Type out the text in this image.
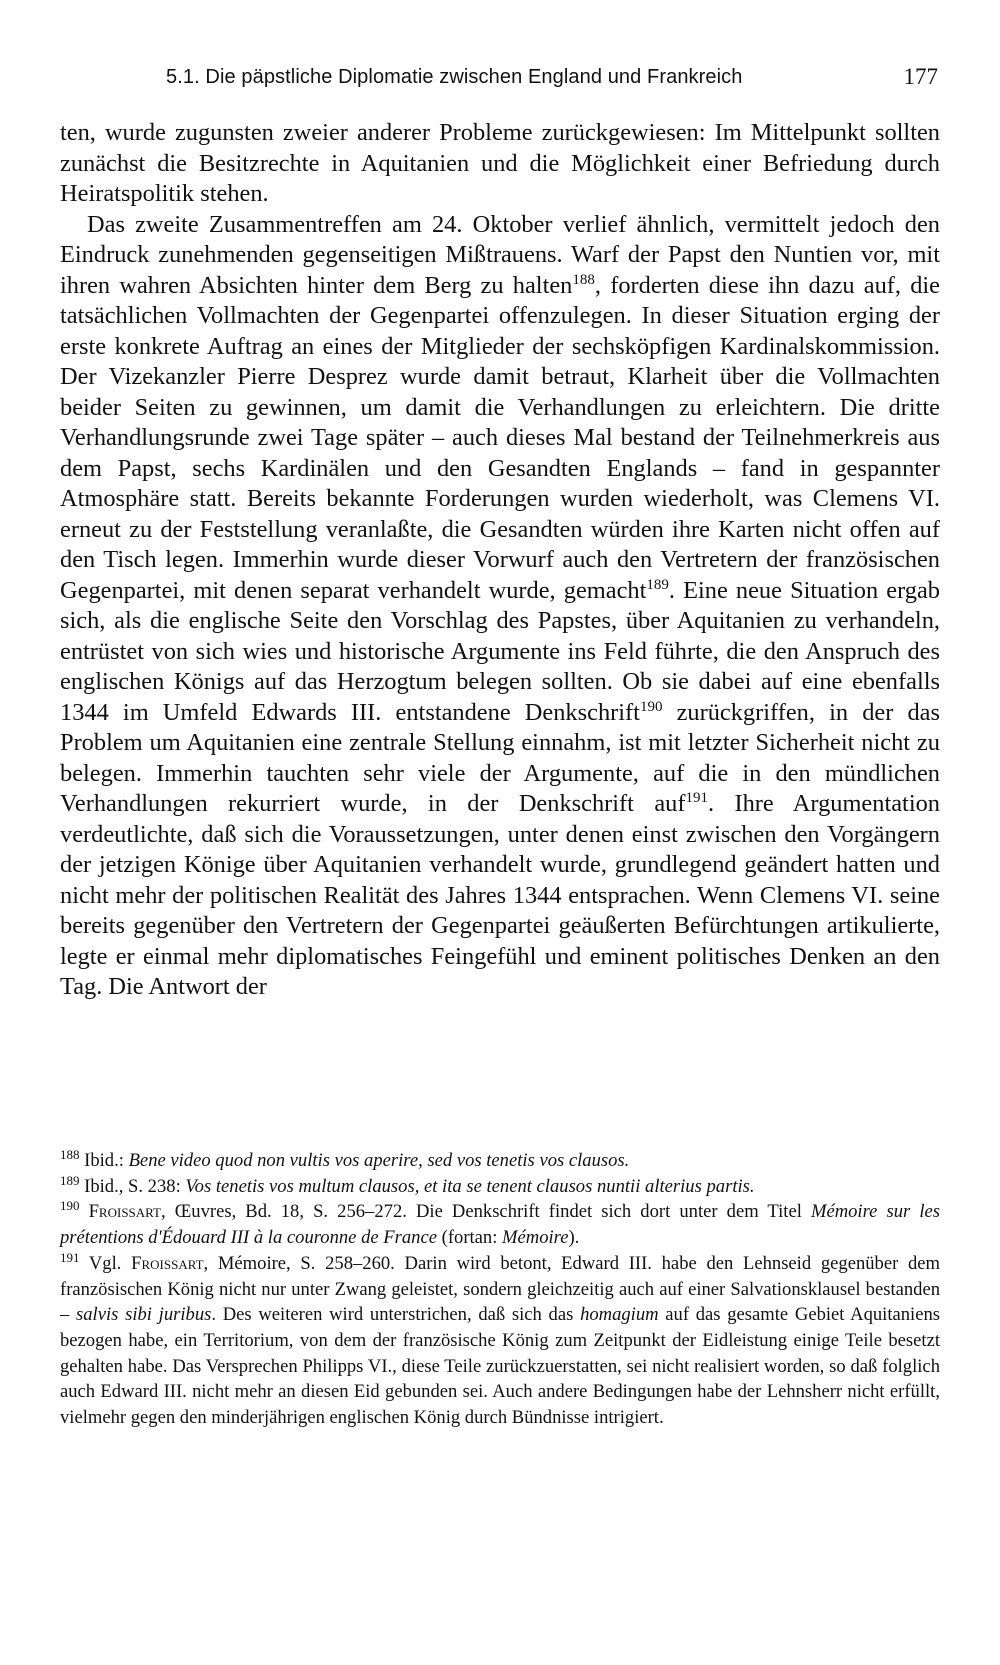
5.1. Die päpstliche Diplomatie zwischen England und Frankreich	177

ten, wurde zugunsten zweier anderer Probleme zurückgewiesen: Im Mittelpunkt sollten zunächst die Besitzrechte in Aquitanien und die Möglichkeit einer Befriedung durch Heiratspolitik stehen.

Das zweite Zusammentreffen am 24. Oktober verlief ähnlich, vermittelt jedoch den Eindruck zunehmenden gegenseitigen Mißtrauens. Warf der Papst den Nuntien vor, mit ihren wahren Absichten hinter dem Berg zu halten$^{188}$, forderten diese ihn dazu auf, die tatsächlichen Vollmachten der Gegenpartei offenzulegen. In dieser Situation erging der erste konkrete Auftrag an eines der Mitglieder der sechsköpfigen Kardinalskommission. Der Vizekanzler Pierre Desprez wurde damit betraut, Klarheit über die Vollmachten beider Seiten zu gewinnen, um damit die Verhandlungen zu erleichtern. Die dritte Verhandlungsrunde zwei Tage später – auch dieses Mal bestand der Teilnehmerkreis aus dem Papst, sechs Kardinälen und den Gesandten Englands – fand in gespannter Atmosphäre statt. Bereits bekannte Forderungen wurden wiederholt, was Clemens VI. erneut zu der Feststellung veranlaßte, die Gesandten würden ihre Karten nicht offen auf den Tisch legen. Immerhin wurde dieser Vorwurf auch den Vertretern der französischen Gegenpartei, mit denen separat verhandelt wurde, gemacht$^{189}$. Eine neue Situation ergab sich, als die englische Seite den Vorschlag des Papstes, über Aquitanien zu verhandeln, entrüstet von sich wies und historische Argumente ins Feld führte, die den Anspruch des englischen Königs auf das Herzogtum belegen sollten. Ob sie dabei auf eine ebenfalls 1344 im Umfeld Edwards III. entstandene Denkschrift$^{190}$ zurückgriffen, in der das Problem um Aquitanien eine zentrale Stellung einnahm, ist mit letzter Sicherheit nicht zu belegen. Immerhin tauchten sehr viele der Argumente, auf die in den mündlichen Verhandlungen rekurriert wurde, in der Denkschrift auf$^{191}$. Ihre Argumentation verdeutlichte, daß sich die Voraussetzungen, unter denen einst zwischen den Vorgängern der jetzigen Könige über Aquitanien verhandelt wurde, grundlegend geändert hatten und nicht mehr der politischen Realität des Jahres 1344 entsprachen. Wenn Clemens VI. seine bereits gegenüber den Vertretern der Gegenpartei geäußerten Befürchtungen artikulierte, legte er einmal mehr diplomatisches Feingefühl und eminent politisches Denken an den Tag. Die Antwort der

$^{188}$ Ibid.: Bene video quod non vultis vos aperire, sed vos tenetis vos clausos.

$^{189}$ Ibid., S. 238: Vos tenetis vos multum clausos, et ita se tenent clausos nuntii alterius partis.

$^{190}$ Froissart, Œuvres, Bd. 18, S. 256–272. Die Denkschrift findet sich dort unter dem Titel Mémoire sur les prétentions d'Édouard III à la couronne de France (fortan: Mémoire).

$^{191}$ Vgl. Froissart, Mémoire, S. 258–260. Darin wird betont, Edward III. habe den Lehnseid gegenüber dem französischen König nicht nur unter Zwang geleistet, sondern gleichzeitig auch auf einer Salvationsklausel bestanden – salvis sibi juribus. Des weiteren wird unterstrichen, daß sich das homagium auf das gesamte Gebiet Aquitaniens bezogen habe, ein Territorium, von dem der französische König zum Zeitpunkt der Eidleistung einige Teile besetzt gehalten habe. Das Versprechen Philipps VI., diese Teile zurückzuerstatten, sei nicht realisiert worden, so daß folglich auch Edward III. nicht mehr an diesen Eid gebunden sei. Auch andere Bedingungen habe der Lehnsherr nicht erfüllt, vielmehr gegen den minderjährigen englischen König durch Bündnisse intrigiert.
